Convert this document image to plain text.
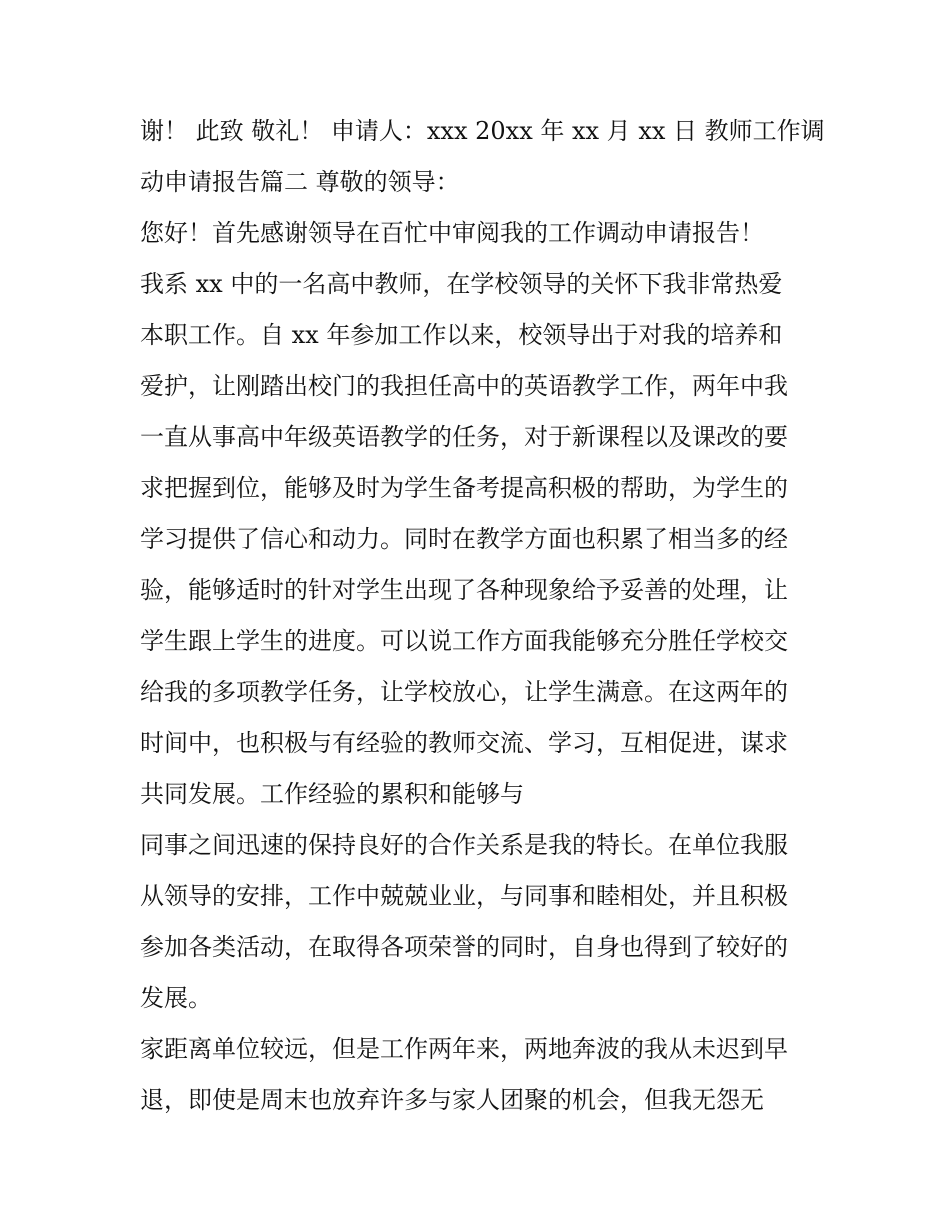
谢！ 此致 敬礼！ 申请人：xxx 20xx 年 xx 月 xx 日 教师工作调
动申请报告篇二 尊敬的领导：
您好！首先感谢领导在百忙中审阅我的工作调动申请报告！
我系 xx 中的一名高中教师，在学校领导的关怀下我非常热爱
本职工作。自 xx 年参加工作以来，校领导出于对我的培养和
爱护，让刚踏出校门的我担任高中的英语教学工作，两年中我
一直从事高中年级英语教学的任务，对于新课程以及课改的要
求把握到位，能够及时为学生备考提高积极的帮助，为学生的
学习提供了信心和动力。同时在教学方面也积累了相当多的经
验，能够适时的针对学生出现了各种现象给予妥善的处理，让
学生跟上学生的进度。可以说工作方面我能够充分胜任学校交
给我的多项教学任务，让学校放心，让学生满意。在这两年的
时间中，也积极与有经验的教师交流、学习，互相促进，谋求
共同发展。工作经验的累积和能够与
同事之间迅速的保持良好的合作关系是我的特长。在单位我服
从领导的安排，工作中兢兢业业，与同事和睦相处，并且积极
参加各类活动，在取得各项荣誉的同时，自身也得到了较好的
发展。
家距离单位较远，但是工作两年来，两地奔波的我从未迟到早
退，即使是周末也放弃许多与家人团聚的机会，但我无怨无
